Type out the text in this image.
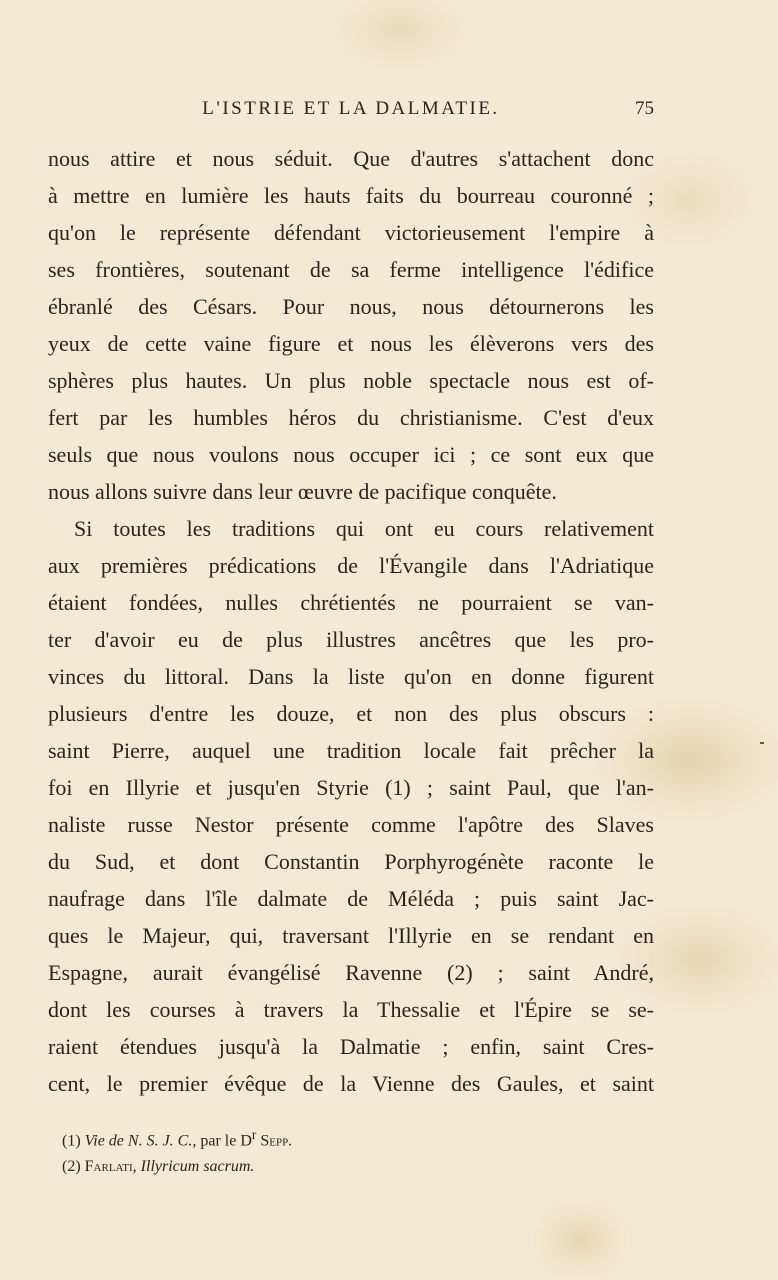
L'ISTRIE ET LA DALMATIE.	75
nous attire et nous séduit. Que d'autres s'attachent donc
à mettre en lumière les hauts faits du bourreau couronné ;
qu'on le représente défendant victorieusement l'empire à
ses frontières, soutenant de sa ferme intelligence l'édifice
ébranlé des Césars. Pour nous, nous détournerons les
yeux de cette vaine figure et nous les élèverons vers des
sphères plus hautes. Un plus noble spectacle nous est of-
fert par les humbles héros du christianisme. C'est d'eux
seuls que nous voulons nous occuper ici ; ce sont eux que
nous allons suivre dans leur œuvre de pacifique conquête.
Si toutes les traditions qui ont eu cours relativement
aux premières prédications de l'Évangile dans l'Adriatique
étaient fondées, nulles chrétientés ne pourraient se van-
ter d'avoir eu de plus illustres ancêtres que les pro-
vinces du littoral. Dans la liste qu'on en donne figurent
plusieurs d'entre les douze, et non des plus obscurs :
saint Pierre, auquel une tradition locale fait prêcher la
foi en Illyrie et jusqu'en Styrie (1) ; saint Paul, que l'an-
naliste russe Nestor présente comme l'apôtre des Slaves
du Sud, et dont Constantin Porphyrogénète raconte le
naufrage dans l'île dalmate de Méléda ; puis saint Jac-
ques le Majeur, qui, traversant l'Illyrie en se rendant en
Espagne, aurait évangélisé Ravenne (2) ; saint André,
dont les courses à travers la Thessalie et l'Épire se se-
raient étendues jusqu'à la Dalmatie ; enfin, saint Cres-
cent, le premier évêque de la Vienne des Gaules, et saint
(1) Vie de N. S. J. C., par le $D^r$ Sepp.
(2) Farlati, Illyricum sacrum.
